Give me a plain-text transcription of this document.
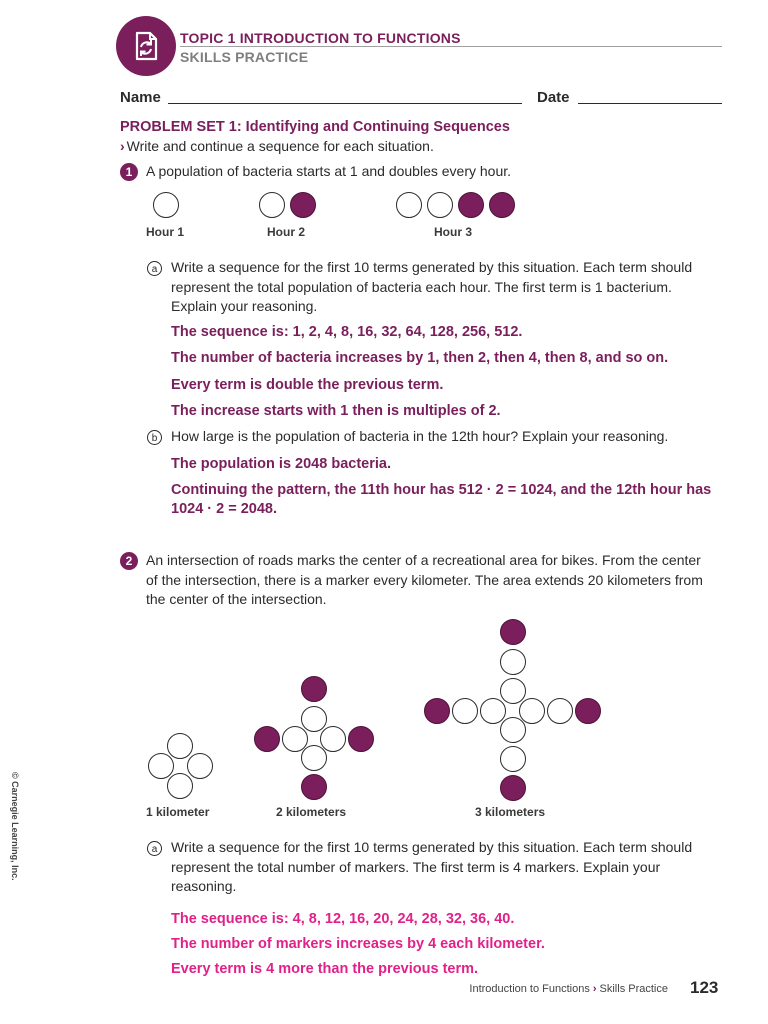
TOPIC 1 INTRODUCTION TO FUNCTIONS
SKILLS PRACTICE
Name	Date
PROBLEM SET 1: Identifying and Continuing Sequences
› Write and continue a sequence for each situation.
1 A population of bacteria starts at 1 and doubles every hour.
Hour 1	Hour 2	Hour 3
a Write a sequence for the first 10 terms generated by this situation. Each term should represent the total population of bacteria each hour. The first term is 1 bacterium. Explain your reasoning.
The sequence is: 1, 2, 4, 8, 16, 32, 64, 128, 256, 512.
The number of bacteria increases by 1, then 2, then 4, then 8, and so on.
Every term is double the previous term.
The increase starts with 1 then is multiples of 2.
b How large is the population of bacteria in the 12th hour? Explain your reasoning.
The population is 2048 bacteria.
Continuing the pattern, the 11th hour has 512 · 2 = 1024, and the 12th hour has 1024 · 2 = 2048.
2 An intersection of roads marks the center of a recreational area for bikes. From the center of the intersection, there is a marker every kilometer. The area extends 20 kilometers from the center of the intersection.
1 kilometer	2 kilometers	3 kilometers
a Write a sequence for the first 10 terms generated by this situation. Each term should represent the total number of markers. The first term is 4 markers. Explain your reasoning.
The sequence is: 4, 8, 12, 16, 20, 24, 28, 32, 36, 40.
The number of markers increases by 4 each kilometer.
Every term is 4 more than the previous term.
© Carnegie Learning, Inc.
Introduction to Functions › Skills Practice 123
